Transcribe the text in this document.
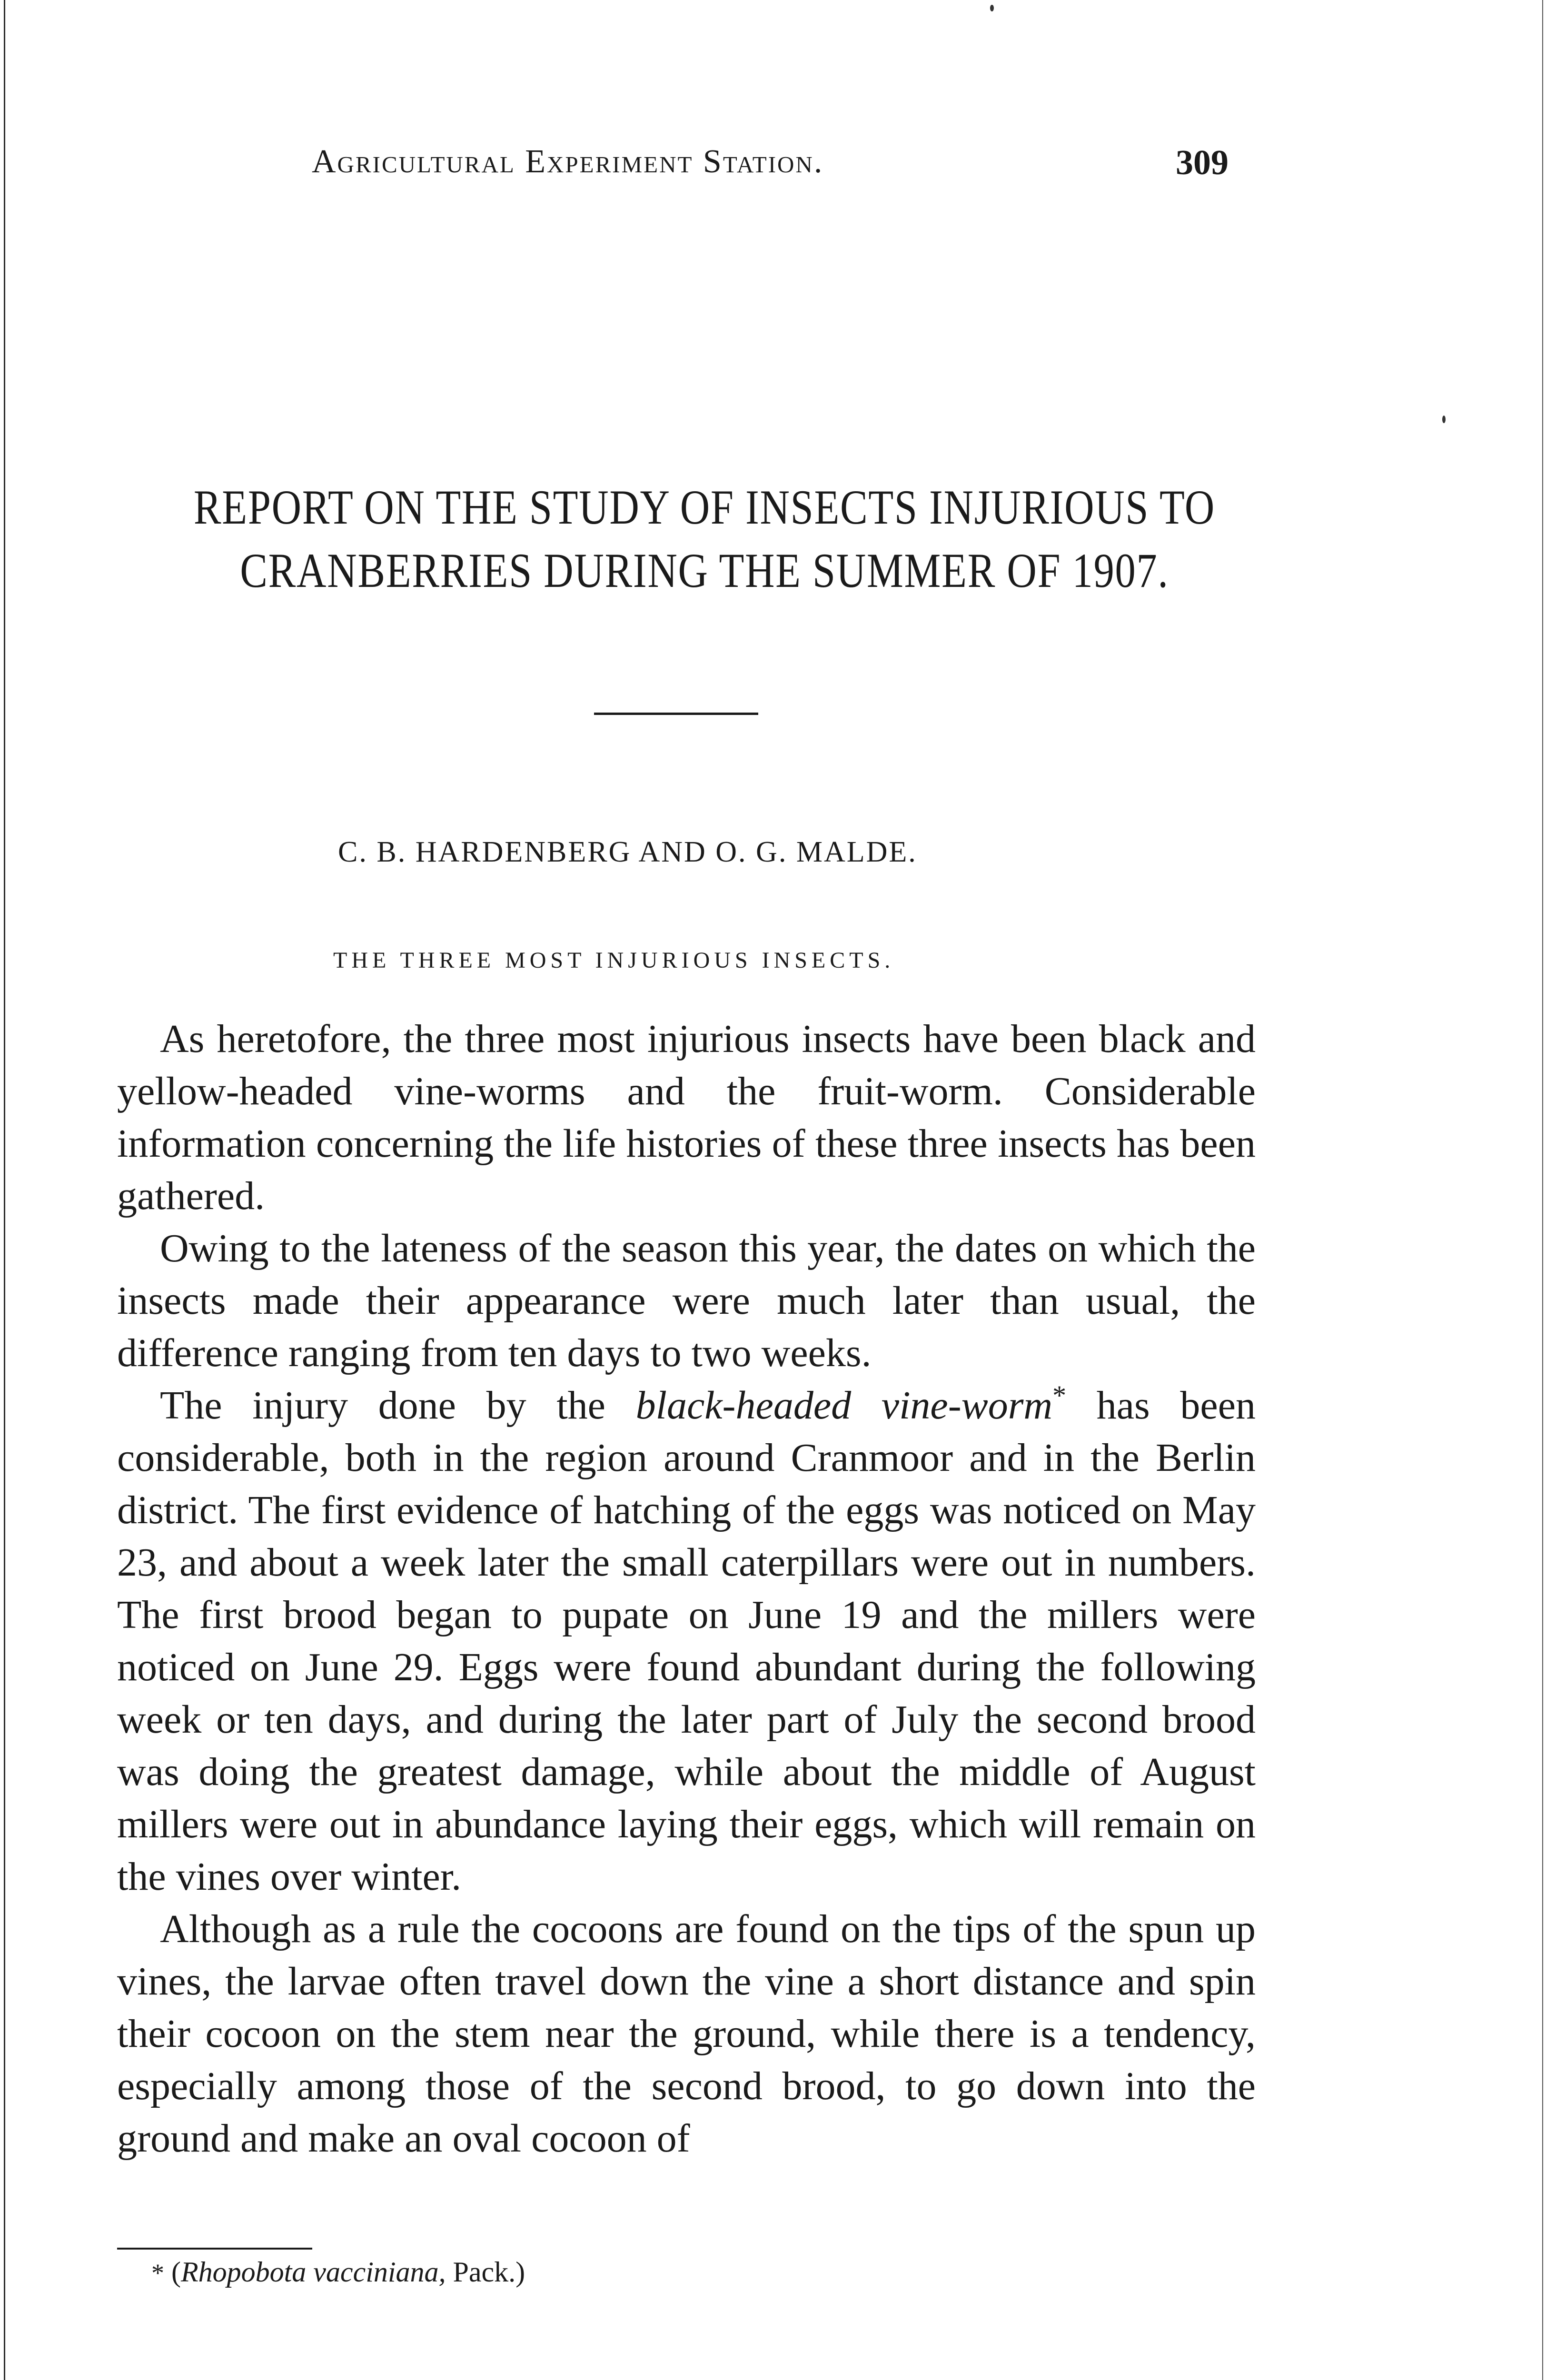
Agricultural Experiment Station.	309
REPORT ON THE STUDY OF INSECTS INJURIOUS TO
CRANBERRIES DURING THE SUMMER OF 1907.
C. B. HARDENBERG AND O. G. MALDE.
THE THREE MOST INJURIOUS INSECTS.

As heretofore, the three most injurious insects have been black and yellow-headed vine-worms and the fruit-worm. Considerable information concerning the life histories of these three insects has been gathered.

Owing to the lateness of the season this year, the dates on which the insects made their appearance were much later than usual, the difference ranging from ten days to two weeks.

The injury done by the black-headed vine-worm* has been considerable, both in the region around Cranmoor and in the Berlin district. The first evidence of hatching of the eggs was noticed on May 23, and about a week later the small caterpillars were out in numbers. The first brood began to pupate on June 19 and the millers were noticed on June 29. Eggs were found abundant during the following week or ten days, and during the later part of July the second brood was doing the greatest damage, while about the middle of August millers were out in abundance laying their eggs, which will remain on the vines over winter.

Although as a rule the cocoons are found on the tips of the spun up vines, the larvae often travel down the vine a short distance and spin their cocoon on the stem near the ground, while there is a tendency, especially among those of the second brood, to go down into the ground and make an oval cocoon of

* (Rhopobota vacciniana, Pack.)
